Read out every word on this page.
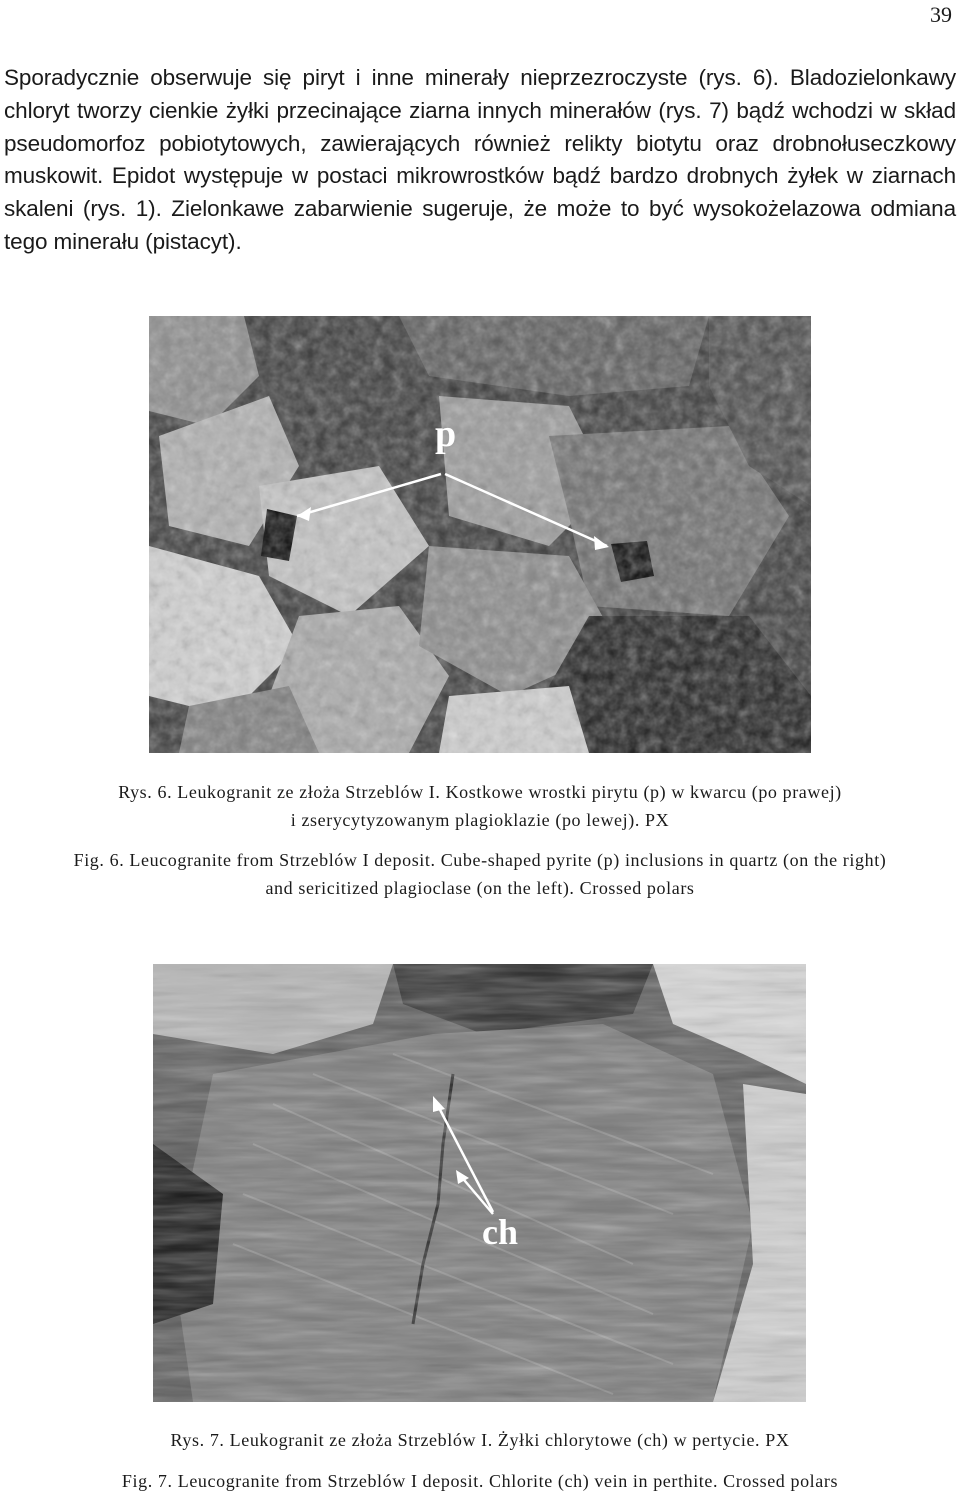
39
Sporadycznie obserwuje się piryt i inne minerały nieprzezroczyste (rys. 6). Bladozielonkawy chloryt tworzy cienkie żyłki przecinające ziarna innych minerałów (rys. 7) bądź wchodzi w skład pseudomorfoz pobiotytowych, zawierających również relikty biotytu oraz drobnołuseczkowy muskowit. Epidot występuje w postaci mikrowrostków bądź bardzo drobnych żyłek w ziarnach skaleni (rys. 1). Zielonkawe zabarwienie sugeruje, że może to być wysokożelazowa odmiana tego minerału (pistacyt).
p
Rys. 6. Leukogranit ze złoża Strzeblów I. Kostkowe wrostki pirytu (p) w kwarcu (po prawej)
i zserycytyzowanym plagioklazie (po lewej). PX
Fig. 6. Leucogranite from Strzeblów I deposit. Cube-shaped pyrite (p) inclusions in quartz (on the right)
and sericitized plagioclase (on the left). Crossed polars
ch
Rys. 7. Leukogranit ze złoża Strzeblów I. Żyłki chlorytowe (ch) w pertycie. PX
Fig. 7. Leucogranite from Strzeblów I deposit. Chlorite (ch) vein in perthite. Crossed polars
